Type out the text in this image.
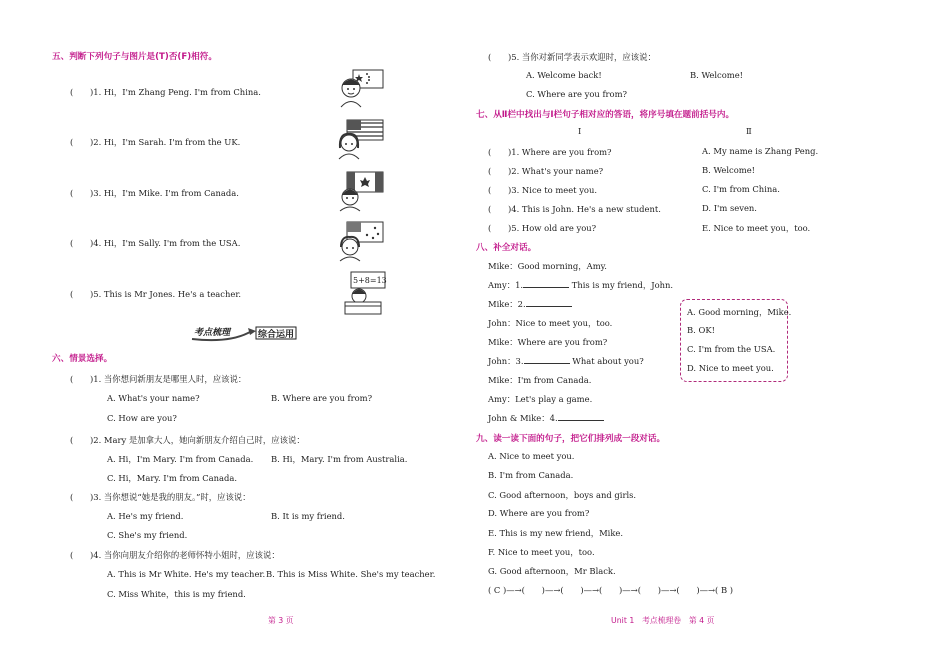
五、判断下列句子与图片是(T)否(F)相符。
(　　)1. Hi，I'm Zhang Peng. I'm from China.
(　　)2. Hi，I'm Sarah. I'm from the UK.
(　　)3. Hi，I'm Mike. I'm from Canada.
(　　)4. Hi，I'm Sally. I'm from the USA.
(　　)5. This is Mr Jones. He's a teacher.
5+8=13
考点梳理	综合运用
六、情景选择。
(　　)1. 当你想问新朋友是哪里人时，应该说：
A. What's your name?	B. Where are you from?
C. How are you?
(　　)2. Mary 是加拿大人，她向新朋友介绍自己时，应该说：
A. Hi，I'm Mary. I'm from Canada. B. Hi，Mary. I'm from Australia.
C. Hi，Mary. I'm from Canada.
(　　)3. 当你想说“她是我的朋友。”时，应该说：
A. He's my friend.	B. It is my friend.
C. She's my friend.
(　　)4. 当你向朋友介绍你的老师怀特小姐时，应该说：
A. This is Mr White. He's my teacher. B. This is Miss White. She's my teacher.
C. Miss White，this is my friend.
第 3 页
(　　)5. 当你对新同学表示欢迎时，应该说：
A. Welcome back!	B. Welcome!
C. Where are you from?
七、从Ⅱ栏中找出与Ⅰ栏句子相对应的答语，将序号填在题前括号内。
Ⅰ	Ⅱ
(　　)1. Where are you from?
(　　)2. What's your name?
(　　)3. Nice to meet you.
(　　)4. This is John. He's a new student.
(　　)5. How old are you?
A. My name is Zhang Peng.
B. Welcome!
C. I'm from China.
D. I'm seven.
E. Nice to meet you，too.
八、补全对话。
Mike：Good morning，Amy.
Amy：1.	This is my friend，John.
Mike：2.
John：Nice to meet you，too.
Mike：Where are you from?
John：3.	What about you?
Mike：I'm from Canada.
Amy：Let's play a game.
John & Mike：4.
A. Good morning，Mike.
B. OK!
C. I'm from the USA.
D. Nice to meet you.
九、读一读下面的句子，把它们排列成一段对话。
A. Nice to meet you.
B. I'm from Canada.
C. Good afternoon，boys and girls.
D. Where are you from?
E. This is my new friend，Mike.
F. Nice to meet you，too.
G. Good afternoon，Mr Black.
( C )—→(　　)—→(　　)—→(　　)—→(　　)—→(　　)—→( B )
Unit 1　考点梳理卷　第 4 页
